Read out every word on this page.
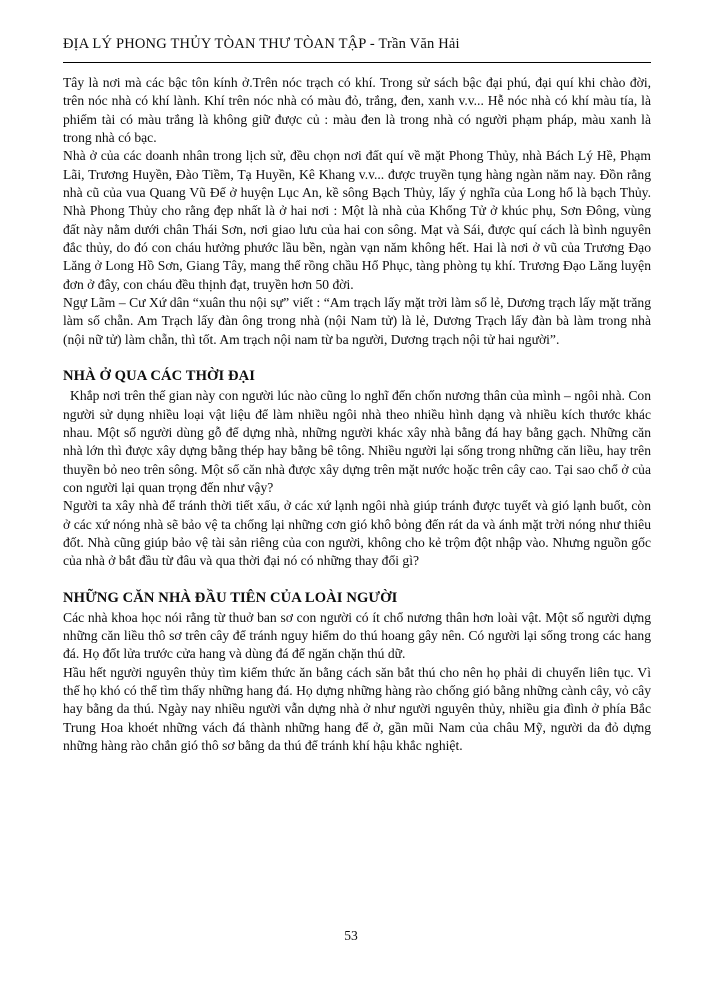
ĐỊA LÝ PHONG THỦY TÒAN THƯ TÒAN TẬP - Trần Văn Hải

Tây là nơi mà các bậc tôn kính ở.Trên nóc trạch có khí. Trong sử sách bậc đại phú, đại quí khi chào đời, trên nóc nhà có khí lành. Khí trên nóc nhà có màu đỏ, trắng, đen, xanh v.v... Hễ nóc nhà có khí màu tía, là phiếm tài có màu trắng là không giữ được củ : màu đen là trong nhà có người phạm pháp, màu xanh là trong nhà có bạc.

Nhà ở của các doanh nhân trong lịch sử, đều chọn nơi đất quí về mặt Phong Thủy, nhà Bách Lý Hề, Phạm Lãi, Trương Huyền, Đào Tiềm, Tạ Huyền, Kê Khang v.v... được truyền tụng hàng ngàn năm nay. Đồn rằng nhà cũ của vua Quang Vũ Đế ở huyện Lục An, kề sông Bạch Thủy, lấy ý nghĩa của Long hổ là bạch Thủy. Nhà Phong Thủy cho rằng đẹp nhất là ở hai nơi : Một là nhà của Khổng Tử ở khúc phụ, Sơn Đông, vùng đất này nằm dưới chân Thái Sơn, nơi giao lưu của hai con sông. Mạt và Sái, được quí cách là bình nguyên đắc thủy, do đó con cháu hưởng phước lầu bền, ngàn vạn năm không hết. Hai là nơi ở vũ của Trương Đạo Lăng ở Long Hồ Sơn, Giang Tây, mang thế rồng chầu Hổ Phục, tàng phòng tụ khí. Trương Đạo Lăng luyện đơn ở đây, con cháu đều thịnh đạt, truyền hơn 50 đời.

Ngự Lãm – Cư Xứ dân “xuân thu nội sự” viết : “Am trạch lấy mặt trời làm số lẻ, Dương trạch lấy mặt trăng làm số chẵn. Am Trạch lấy đàn ông trong nhà (nội Nam tử) là lẻ, Dương Trạch lấy đàn bà làm trong nhà (nội nữ tử) làm chẵn, thì tốt. Am trạch nội nam từ ba người, Dương trạch nội tử hai người”.

NHÀ Ở QUA CÁC THỜI ĐẠI

Khắp nơi trên thế gian này con người lúc nào cũng lo nghĩ đến chốn nương thân của mình – ngôi nhà. Con người sử dụng nhiều loại vật liệu để làm nhiều ngôi nhà theo nhiều hình dạng và nhiều kích thước khác nhau. Một số người dùng gỗ để dựng nhà, những người khác xây nhà bằng đá hay bằng gạch. Những căn nhà lớn thì được xây dựng bằng thép hay bằng bê tông. Nhiều người lại sống trong những căn liều, hay trên thuyền bỏ neo trên sông. Một số căn nhà được xây dựng trên mặt nước hoặc trên cây cao. Tại sao chổ ở của con người lại quan trọng đến như vậy?

Người ta xây nhà để tránh thời tiết xấu, ở các xứ lạnh ngôi nhà giúp tránh được tuyết và gió lạnh buốt, còn ở các xứ nóng nhà sẽ bảo vệ ta chống lại những cơn gió khô bỏng đến rát da và ánh mặt trời nóng như thiêu đốt. Nhà cũng giúp bảo vệ tài sản riêng của con người, không cho kẻ trộm đột nhập vào. Nhưng nguồn gốc của nhà ở bắt đầu từ đâu và qua thời đại nó có những thay đổi gì?

NHỮNG CĂN NHÀ ĐẦU TIÊN CỦA LOÀI NGƯỜI

Các nhà khoa học nói rằng từ thuở ban sơ con người có ít chổ nương thân hơn loài vật. Một số người dựng những căn liều thô sơ trên cây để tránh nguy hiểm do thú hoang gây nên. Có người lại sống trong các hang đá. Họ đốt lửa trước cửa hang và dùng đá để ngăn chặn thú dữ.

Hầu hết người nguyên thủy tìm kiếm thức ăn bằng cách săn bắt thú cho nên họ phải di chuyển liên tục. Vì thế họ khó có thể tìm thấy những hang đá. Họ dựng những hàng rào chống gió bằng những cành cây, vỏ cây hay bằng da thú. Ngày nay nhiều người vẫn dựng nhà ở như người nguyên thủy, nhiều gia đình ở phía Bắc Trung Hoa khoét những vách đá thành những hang để ở, gần mũi Nam của châu Mỹ, người da đỏ dựng những hàng rào chắn gió thô sơ bằng da thú để tránh khí hậu khắc nghiệt.

53
